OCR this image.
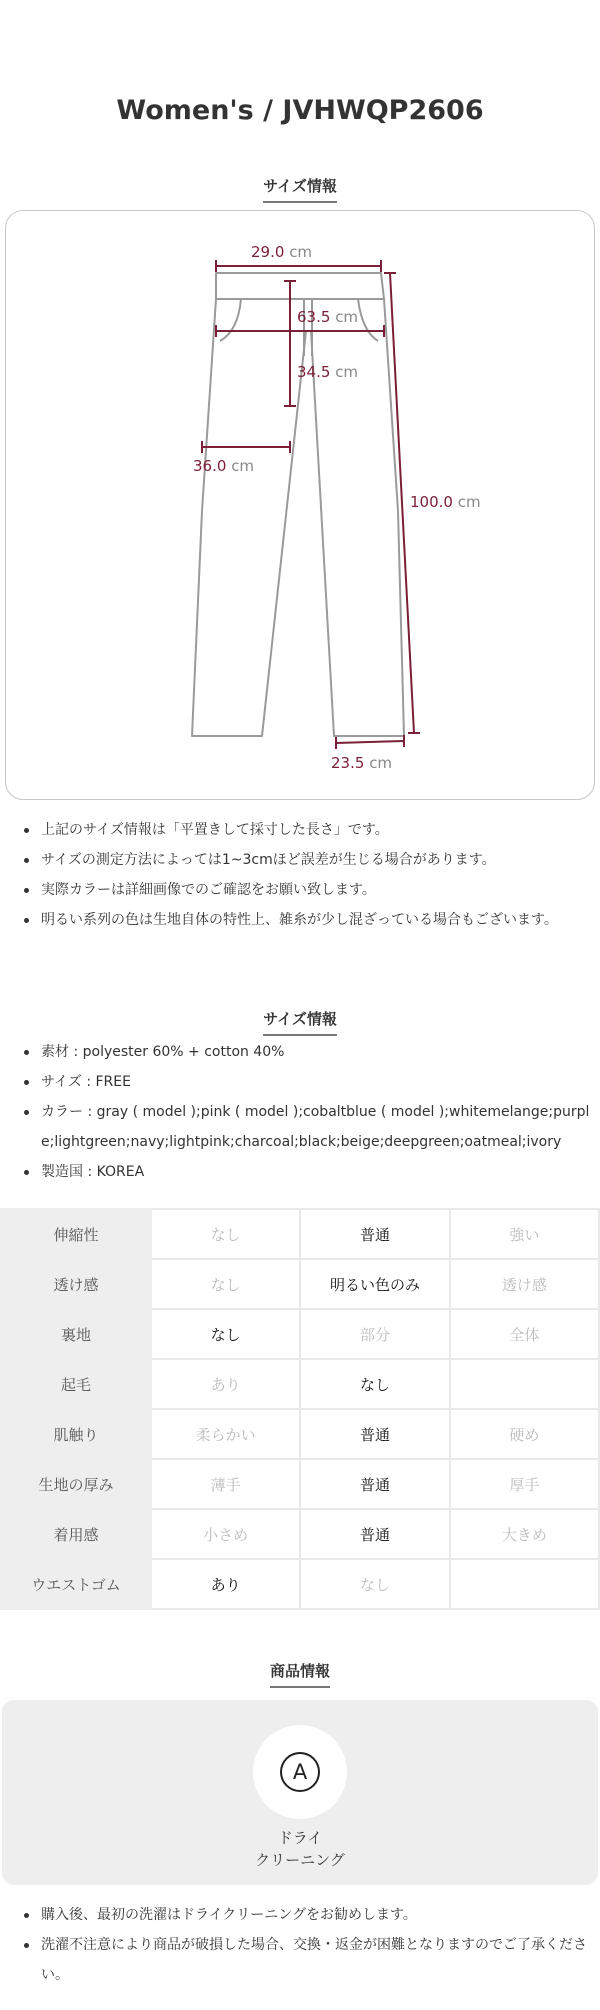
Women's / JVHWQP2606
サイズ情報
29.0 cm
63.5 cm
34.5 cm
36.0 cm
100.0 cm
23.5 cm
上記のサイズ情報は「平置きして採寸した長さ」です。
サイズの測定方法によっては1~3cmほど誤差が生じる場合があります。
実際カラーは詳細画像でのご確認をお願い致します。
明るい系列の色は生地自体の特性上、雑糸が少し混ざっている場合もございます。
サイズ情報
素材 : polyester 60% + cotton 40%
サイズ : FREE
カラー : gray ( model );pink ( model );cobaltblue ( model );whitemelange;purple;lightgreen;navy;lightpink;charcoal;black;beige;deepgreen;oatmeal;ivory
製造国 : KOREA
伸縮性	なし	普通	強い
透け感	なし	明るい色のみ	透け感
裏地	なし	部分	全体
起毛	あり	なし	
肌触り	柔らかい	普通	硬め
生地の厚み	薄手	普通	厚手
着用感	小さめ	普通	大きめ
ウエストゴム	あり	なし	
商品情報
A
ドライ
クリーニング
購入後、最初の洗濯はドライクリーニングをお勧めします。
洗濯不注意により商品が破損した場合、交換・返金が困難となりますのでご了承ください。
